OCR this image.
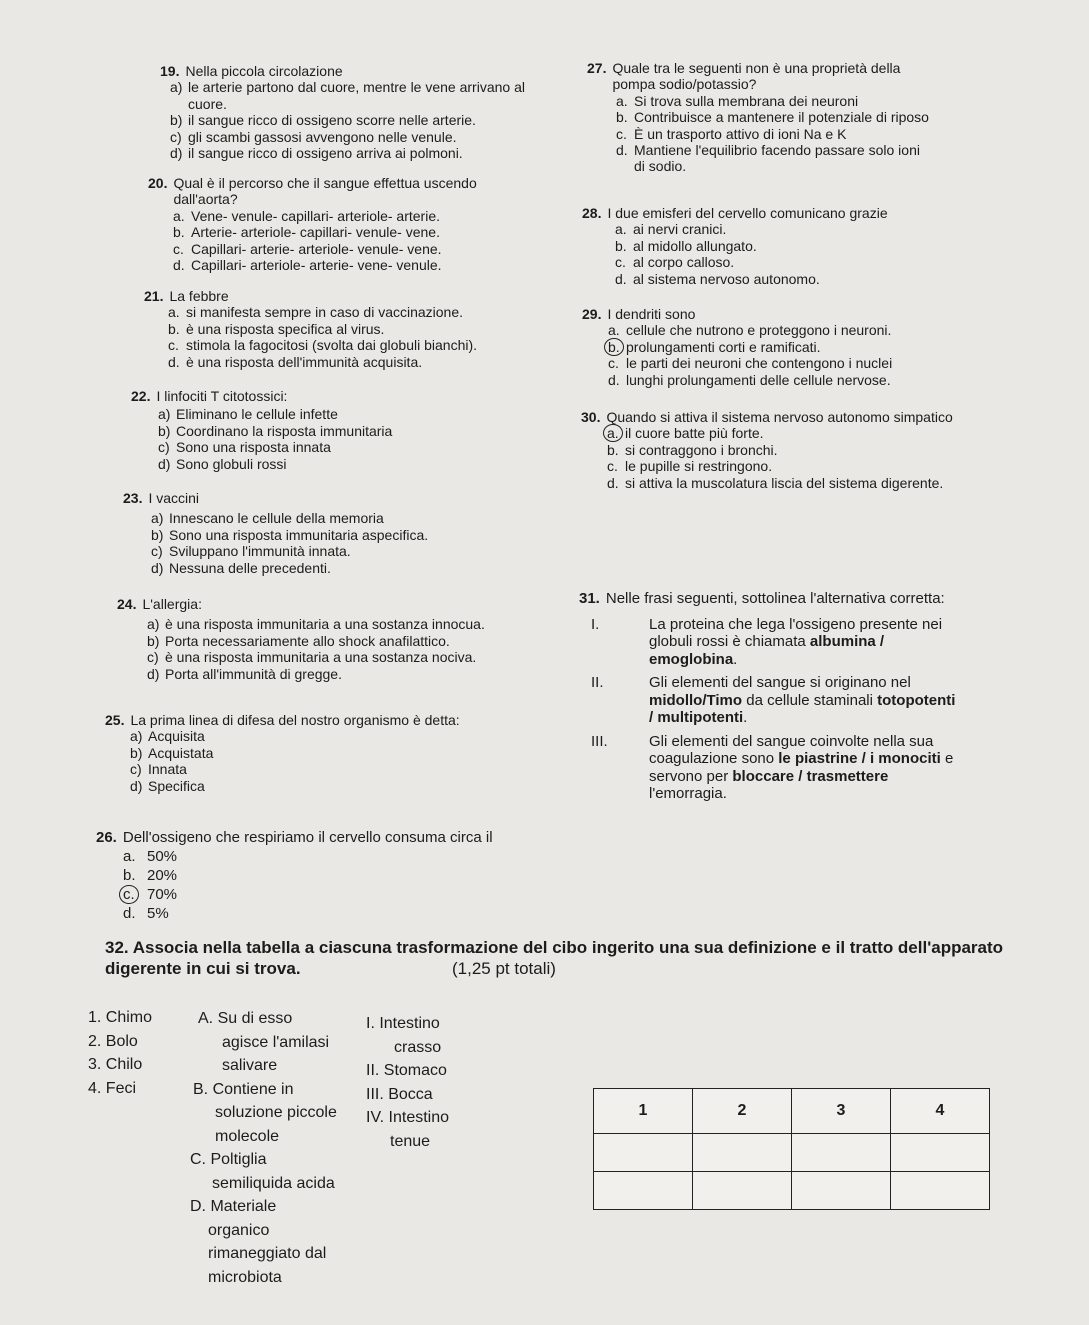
19. Nella piccola circolazione
a) le arterie partono dal cuore, mentre le vene arrivano al cuore.
b) il sangue ricco di ossigeno scorre nelle arterie.
c) gli scambi gassosi avvengono nelle venule.
d) il sangue ricco di ossigeno arriva ai polmoni.
20. Qual è il percorso che il sangue effettua uscendo dall'aorta?
a. Vene- venule- capillari- arteriole- arterie.
b. Arterie- arteriole- capillari- venule- vene.
c. Capillari- arterie- arteriole- venule- vene.
d. Capillari- arteriole- arterie- vene- venule.
21. La febbre
a. si manifesta sempre in caso di vaccinazione.
b. è una risposta specifica al virus.
c. stimola la fagocitosi (svolta dai globuli bianchi).
d. è una risposta dell'immunità acquisita.
22. I linfociti T citotossici:
a) Eliminano le cellule infette
b) Coordinano la risposta immunitaria
c) Sono una risposta innata
d) Sono globuli rossi
23. I vaccini
a) Innescano le cellule della memoria
b) Sono una risposta immunitaria aspecifica.
c) Sviluppano l'immunità innata.
d) Nessuna delle precedenti.
24. L'allergia:
a) è una risposta immunitaria a una sostanza innocua.
b) Porta necessariamente allo shock anafilattico.
c) è una risposta immunitaria a una sostanza nociva.
d) Porta all'immunità di gregge.
25. La prima linea di difesa del nostro organismo è detta:
a) Acquisita
b) Acquistata
c) Innata
d) Specifica
26. Dell'ossigeno che respiriamo il cervello consuma circa il
a. 50%
b. 20%
c. 70%
d. 5%
27. Quale tra le seguenti non è una proprietà della pompa sodio/potassio?
a. Si trova sulla membrana dei neuroni
b. Contribuisce a mantenere il potenziale di riposo
c. È un trasporto attivo di ioni Na e K
d. Mantiene l'equilibrio facendo passare solo ioni di sodio.
28. I due emisferi del cervello comunicano grazie
a. ai nervi cranici.
b. al midollo allungato.
c. al corpo calloso.
d. al sistema nervoso autonomo.
29. I dendriti sono
a. cellule che nutrono e proteggono i neuroni.
b. prolungamenti corti e ramificati.
c. le parti dei neuroni che contengono i nuclei
d. lunghi prolungamenti delle cellule nervose.
30. Quando si attiva il sistema nervoso autonomo simpatico
a. il cuore batte più forte.
b. si contraggono i bronchi.
c. le pupille si restringono.
d. si attiva la muscolatura liscia del sistema digerente.
31. Nelle frasi seguenti, sottolinea l'alternativa corretta:
I.	La proteina che lega l'ossigeno presente nei globuli rossi è chiamata albumina / emoglobina.
II.	Gli elementi del sangue si originano nel midollo/Timo da cellule staminali totopotenti / multipotenti.
III.	Gli elementi del sangue coinvolte nella sua coagulazione sono le piastrine / i monociti e servono per bloccare / trasmettere l'emorragia.
32. Associa nella tabella a ciascuna trasformazione del cibo ingerito una sua definizione e il tratto dell'apparato digerente in cui si trova.	(1,25 pt totali)
1. Chimo
2. Bolo
3. Chilo
4. Feci
A. Su di esso
agisce l'amilasi
salivare
B. Contiene in
soluzione piccole
molecole
C. Poltiglia
semiliquida acida
D. Materiale
organico
rimaneggiato dal
microbiota
I. Intestino
crasso
II. Stomaco
III. Bocca
IV. Intestino
tenue
1	2	3	4
